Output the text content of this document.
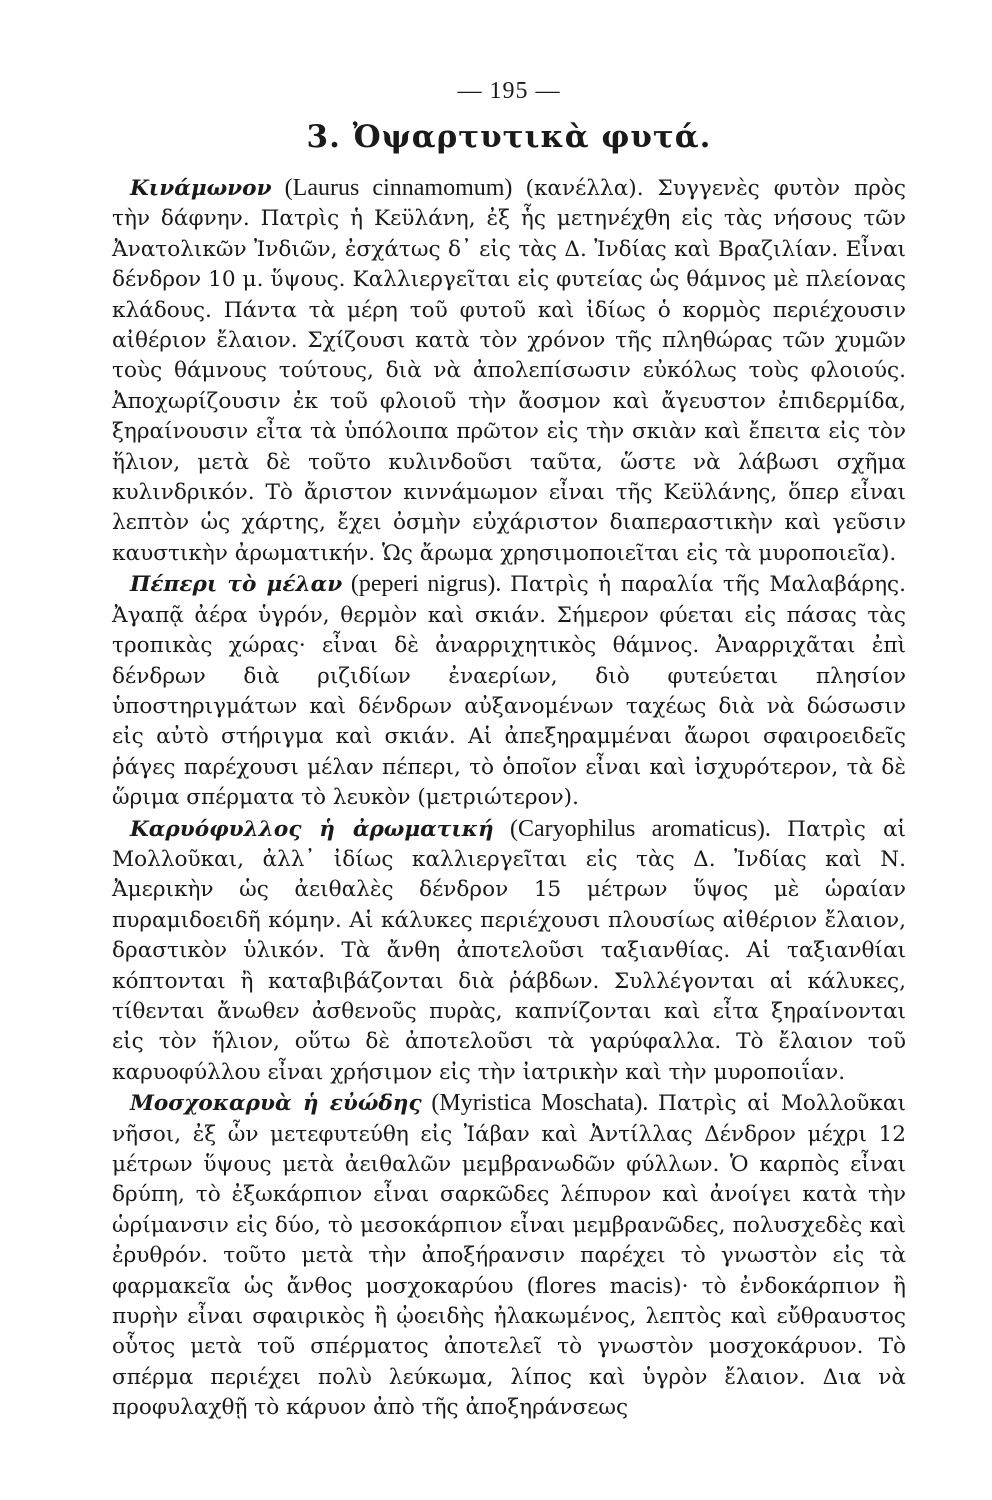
— 195 —
3. Ὀψαρτυτικὰ φυτά.

Κινάμωνον (Laurus cinnamomum) (κανέλλα). Συγγενὲς φυτὸν πρὸς τὴν δάφνην. Πατρὶς ἡ Κεϋλάνη, ἐξ ἧς μετηνέχθη εἰς τὰς νήσους τῶν Ἀνατολικῶν Ἰνδιῶν, ἐσχάτως δ᾿ εἰς τὰς Δ. Ἰνδίας καὶ Βραζιλίαν. Εἶναι δένδρον 10 μ. ὕψους. Καλλιεργεῖται εἰς φυτείας ὡς θάμνος μὲ πλείονας κλάδους. Πάντα τὰ μέρη τοῦ φυτοῦ καὶ ἰδίως ὁ κορμὸς περιέχουσιν αἰθέριον ἔλαιον. Σχίζουσι κατὰ τὸν χρόνον τῆς πληθώρας τῶν χυμῶν τοὺς θάμνους τούτους, διὰ νὰ ἀπολεπίσωσιν εὐκόλως τοὺς φλοιούς. Ἀποχωρίζουσιν ἐκ τοῦ φλοιοῦ τὴν ἄοσμον καὶ ἄγευστον ἐπιδερμίδα, ξηραίνουσιν εἶτα τὰ ὑπόλοιπα πρῶτον εἰς τὴν σκιὰν καὶ ἔπειτα εἰς τὸν ἥλιον, μετὰ δὲ τοῦτο κυλινδοῦσι ταῦτα, ὥστε νὰ λάβωσι σχῆμα κυλινδρικόν. Τὸ ἄριστον κιννάμωμον εἶναι τῆς Κεϋλάνης, ὅπερ εἶναι λεπτὸν ὡς χάρτης, ἔχει ὀσμὴν εὐχάριστον διαπεραστικὴν καὶ γεῦσιν καυστικὴν ἀρωματικήν. Ὡς ἄρωμα χρησιμοποιεῖται εἰς τὰ μυροποιεῖα).

Πέπερι τὸ μέλαν (peperi nigrus). Πατρὶς ἡ παραλία τῆς Μαλαβάρης. Ἀγαπᾷ ἀέρα ὑγρόν, θερμὸν καὶ σκιάν. Σήμερον φύεται εἰς πάσας τὰς τροπικὰς χώρας· εἶναι δὲ ἀναρριχητικὸς θάμνος. Ἀναρριχᾶται ἐπὶ δένδρων διὰ ριζιδίων ἐναερίων, διὸ φυτεύεται πλησίον ὑποστηριγμάτων καὶ δένδρων αὐξανομένων ταχέως διὰ νὰ δώσωσιν εἰς αὐτὸ στήριγμα καὶ σκιάν. Αἱ ἀπεξηραμμέναι ἄωροι σφαιροειδεῖς ῥάγες παρέχουσι μέλαν πέπερι, τὸ ὁποῖον εἶναι καὶ ἰσχυρότερον, τὰ δὲ ὥριμα σπέρματα τὸ λευκὸν (μετριώτερον).

Καρυόφυλλος ἡ ἀρωματική (Caryophilus aromaticus). Πατρὶς αἱ Μολλοῦκαι, ἀλλ᾿ ἰδίως καλλιεργεῖται εἰς τὰς Δ. Ἰνδίας καὶ Ν. Ἀμερικὴν ὡς ἀειθαλὲς δένδρον 15 μέτρων ὕψος μὲ ὡραίαν πυραμιδοειδῆ κόμην. Αἱ κάλυκες περιέχουσι πλουσίως αἰθέριον ἔλαιον, δραστικὸν ὑλικόν. Τὰ ἄνθη ἀποτελοῦσι ταξιανθίας. Αἱ ταξιανθίαι κόπτονται ἢ καταβιβάζονται διὰ ῥάβδων. Συλλέγονται αἱ κάλυκες, τίθενται ἄνωθεν ἀσθενοῦς πυρὰς, καπνίζονται καὶ εἶτα ξηραίνονται εἰς τὸν ἥλιον, οὕτω δὲ ἀποτελοῦσι τὰ γαρύφαλλα. Τὸ ἔλαιον τοῦ καρυοφύλλου εἶναι χρήσιμον εἰς τὴν ἰατρικὴν καὶ τὴν μυροποιΐαν.

Μοσχοκαρυὰ ἡ εὐώδης (Myristica Moschata). Πατρὶς αἱ Μολλοῦκαι νῆσοι, ἐξ ὧν μετεφυτεύθη εἰς Ἰάβαν καὶ Ἀντίλλας Δένδρον μέχρι 12 μέτρων ὕψους μετὰ ἀειθαλῶν μεμβρανωδῶν φύλλων. Ὁ καρπὸς εἶναι δρύπη, τὸ ἐξωκάρπιον εἶναι σαρκῶδες λέπυρον καὶ ἀνοίγει κατὰ τὴν ὡρίμανσιν εἰς δύο, τὸ μεσοκάρπιον εἶναι μεμβρανῶδες, πολυσχεδὲς καὶ ἐρυθρόν. τοῦτο μετὰ τὴν ἀποξήρανσιν παρέχει τὸ γνωστὸν εἰς τὰ φαρμακεῖα ὡς ἄνθος μοσχοκαρύου (flores macis)· τὸ ἐνδοκάρπιον ἢ πυρὴν εἶναι σφαιρικὸς ἢ ᾠοειδὴς ἠλακωμένος, λεπτὸς καὶ εὔθραυστος οὗτος μετὰ τοῦ σπέρματος ἀποτελεῖ τὸ γνωστὸν μοσχοκάρυον. Τὸ σπέρμα περιέχει πολὺ λεύκωμα, λίπος καὶ ὑγρὸν ἔλαιον. Δια νὰ προφυλαχθῇ τὸ κάρυον ἀπὸ τῆς ἀποξηράνσεως
